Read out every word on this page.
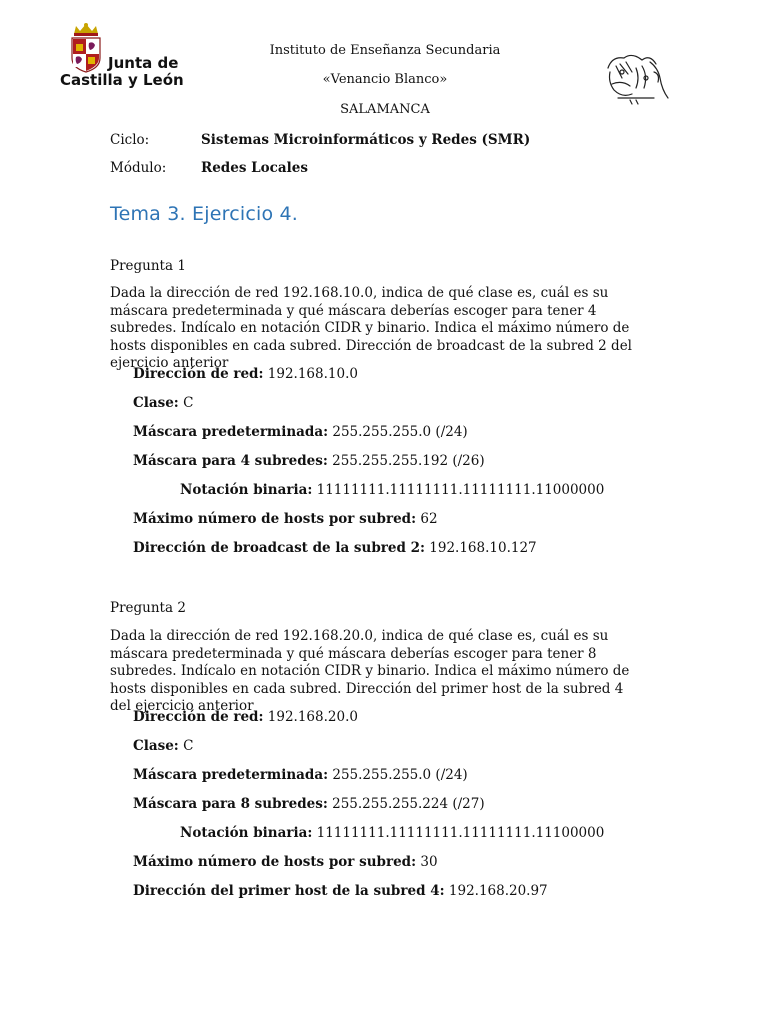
Junta de
Castilla y León
Instituto de Enseñanza Secundaria
«Venancio Blanco»
SALAMANCA
Ciclo:	Sistemas Microinformáticos y Redes (SMR)
Módulo:	Redes Locales
Tema 3. Ejercicio 4.
Pregunta 1
Dada la dirección de red 192.168.10.0, indica de qué clase es, cuál es su máscara predeterminada y qué máscara deberías escoger para tener 4 subredes. Indícalo en notación CIDR y binario. Indica el máximo número de hosts disponibles en cada subred. Dirección de broadcast de la subred 2 del ejercicio anterior
Dirección de red: 192.168.10.0
Clase: C
Máscara predeterminada: 255.255.255.0 (/24)
Máscara para 4 subredes: 255.255.255.192 (/26)
Notación binaria: 11111111.11111111.11111111.11000000
Máximo número de hosts por subred: 62
Dirección de broadcast de la subred 2: 192.168.10.127
Pregunta 2
Dada la dirección de red 192.168.20.0, indica de qué clase es, cuál es su máscara predeterminada y qué máscara deberías escoger para tener 8 subredes. Indícalo en notación CIDR y binario. Indica el máximo número de hosts disponibles en cada subred. Dirección del primer host de la subred 4 del ejercicio anterior
Dirección de red: 192.168.20.0
Clase: C
Máscara predeterminada: 255.255.255.0 (/24)
Máscara para 8 subredes: 255.255.255.224 (/27)
Notación binaria: 11111111.11111111.11111111.11100000
Máximo número de hosts por subred: 30
Dirección del primer host de la subred 4: 192.168.20.97
